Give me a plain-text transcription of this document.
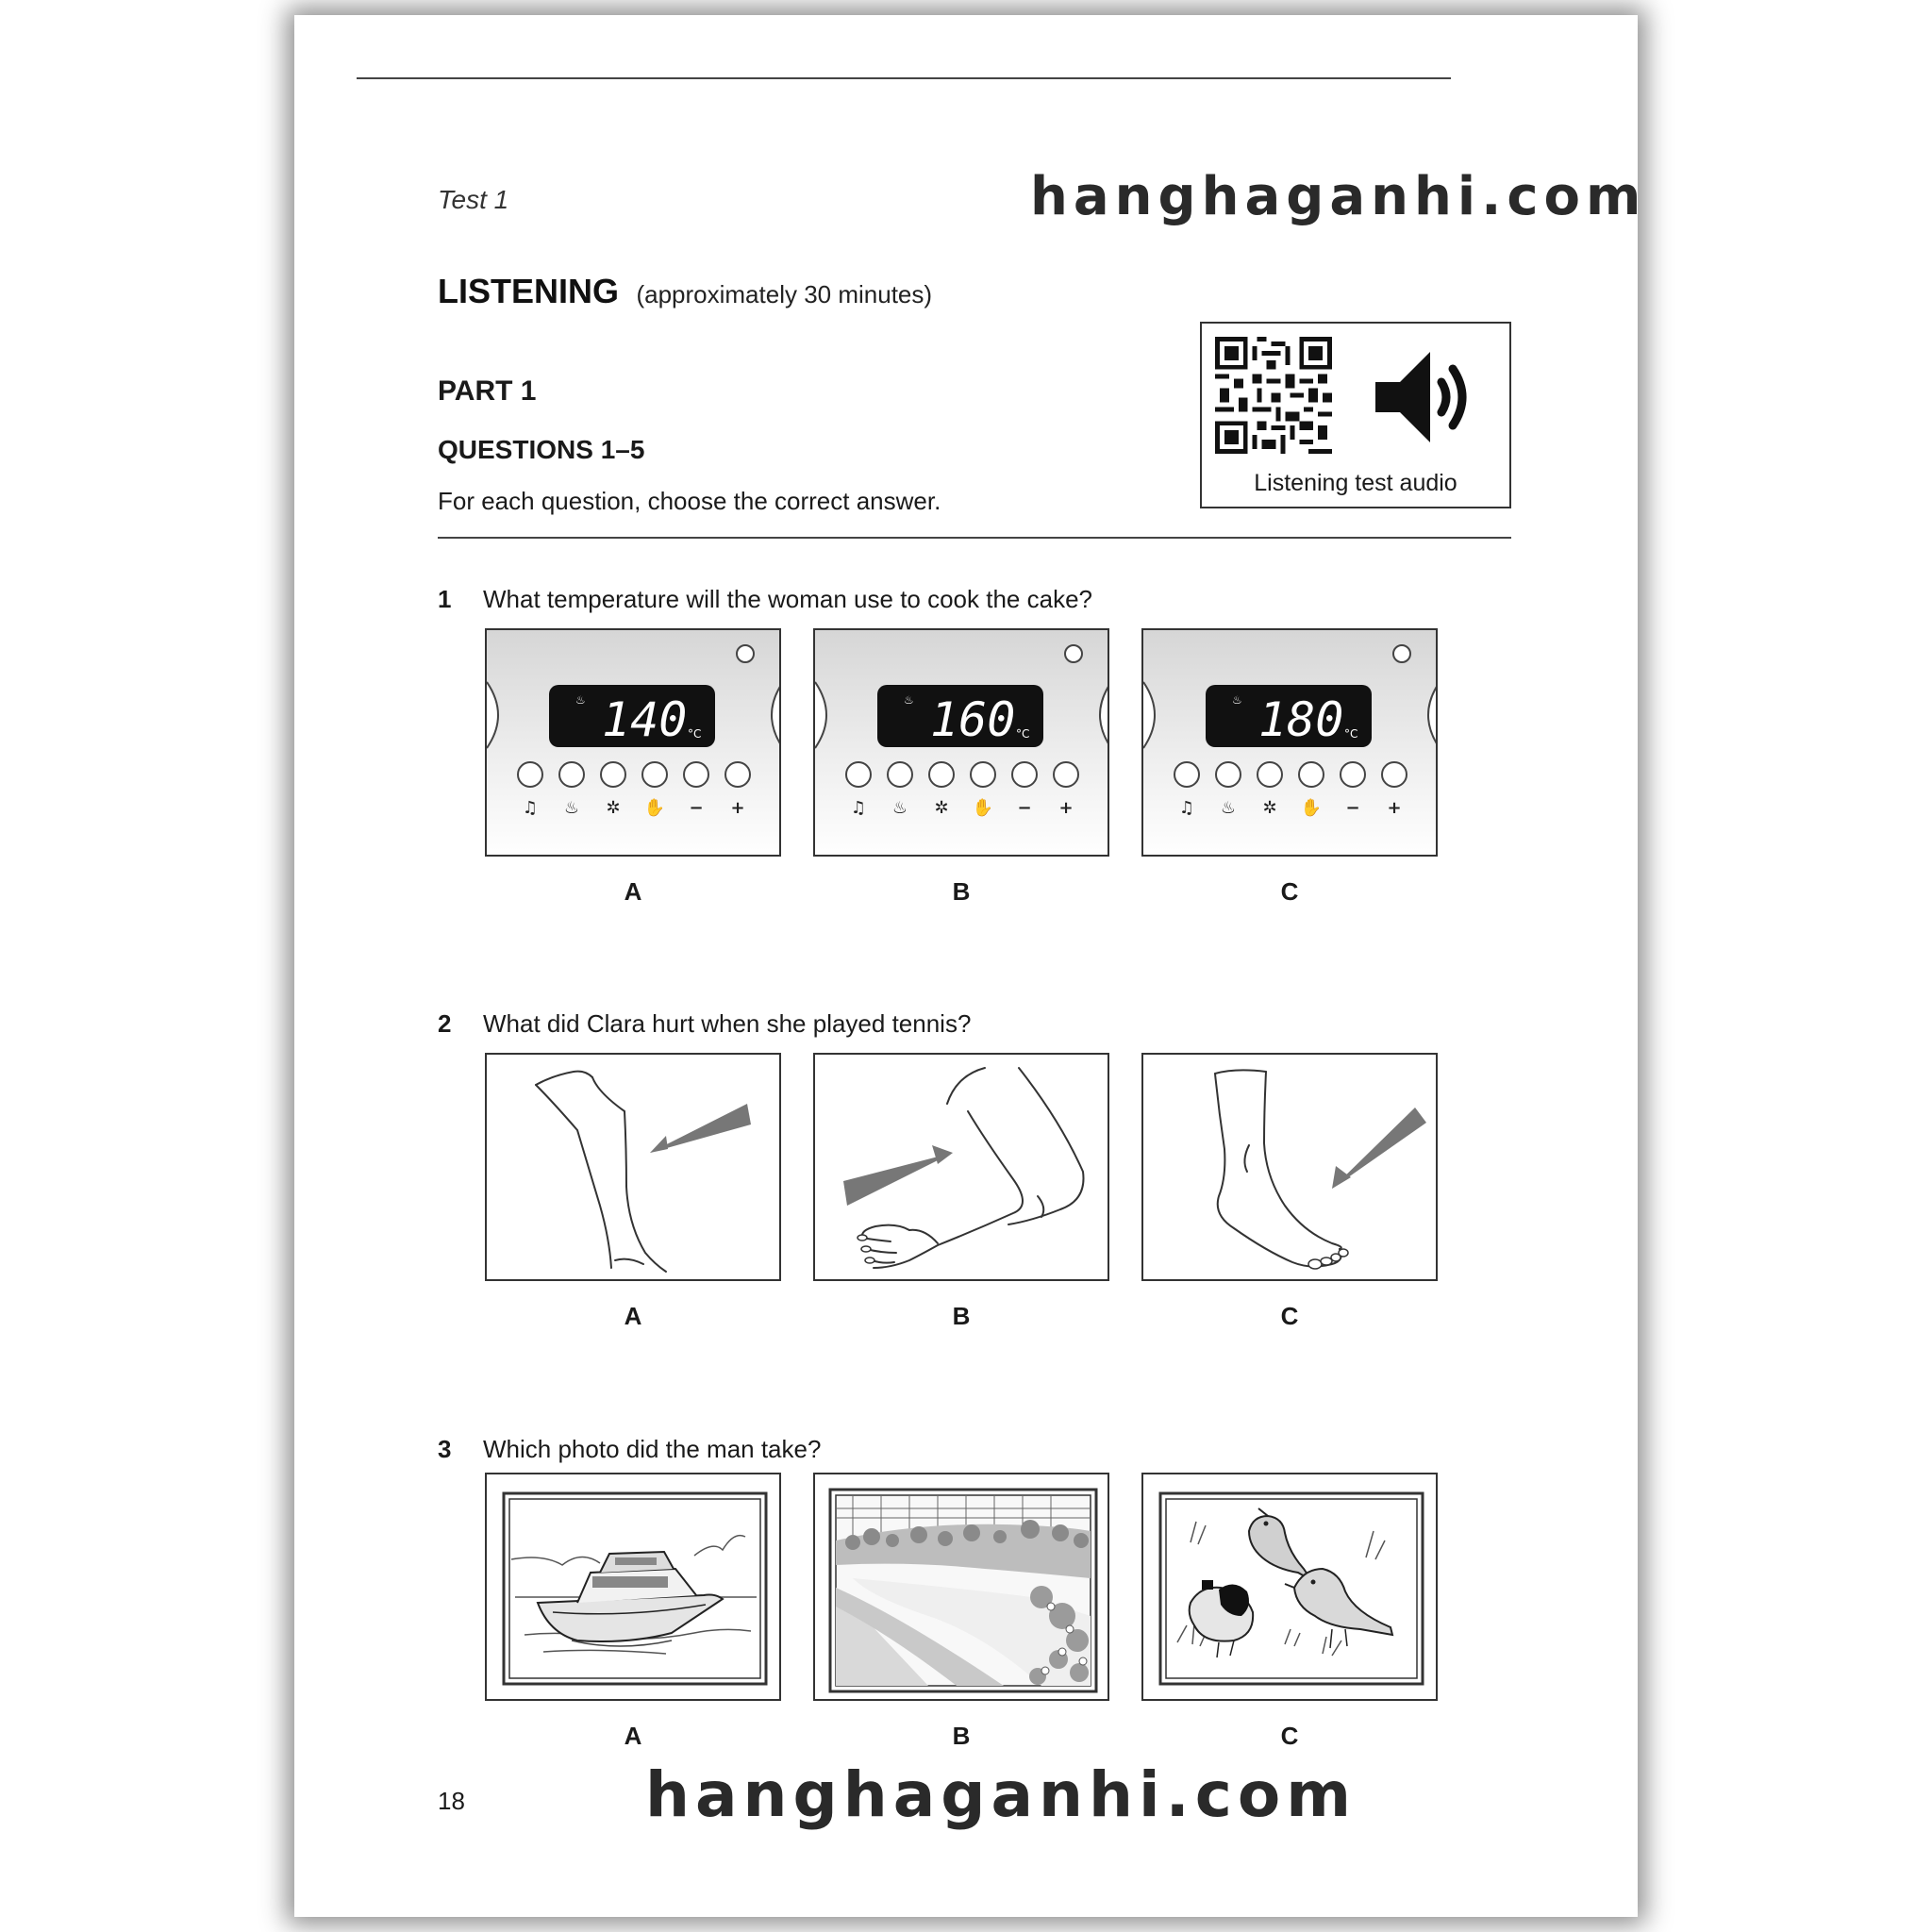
Test 1	hanghaganhi.com
LISTENING (approximately 30 minutes)
PART 1
QUESTIONS 1–5
For each question, choose the correct answer.
Listening test audio
1 What temperature will the woman use to cook the cake?
♨ 140 °C
♫ ♨ ✲ ✋ − +
♨ 160 °C
♫ ♨ ✲ ✋ − +
♨ 180 °C
♫ ♨ ✲ ✋ − +
A	B	C
2 What did Clara hurt when she played tennis?
A	B	C
3 Which photo did the man take?
A	B	C
18	hanghaganhi.com
